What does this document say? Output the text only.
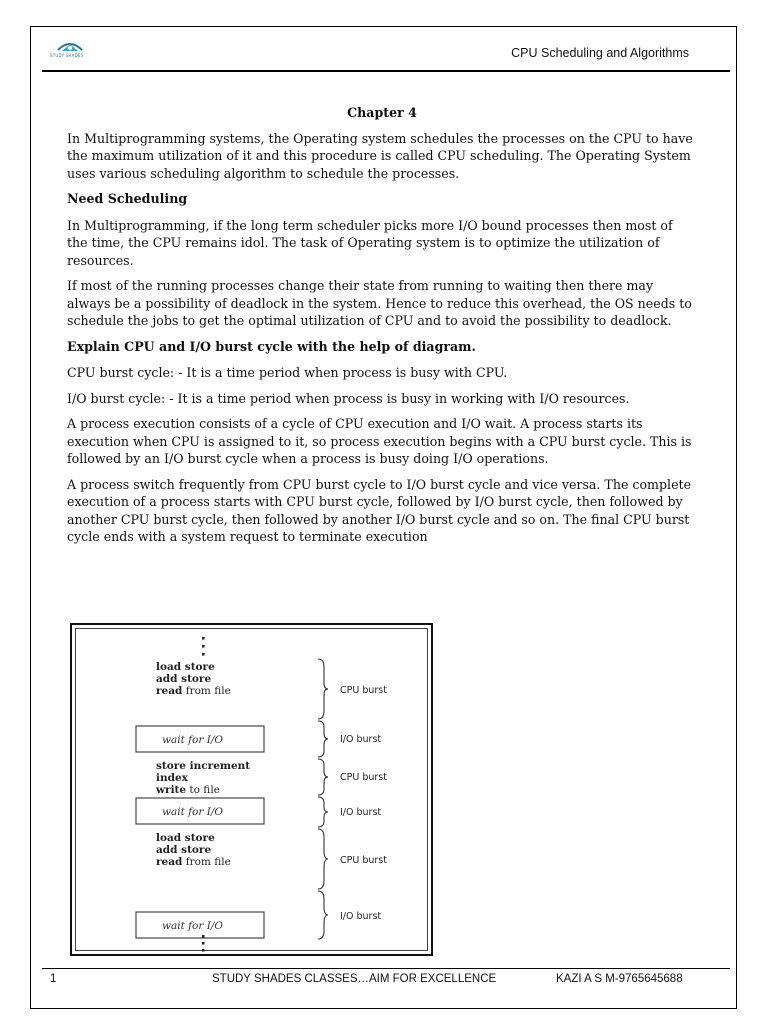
STUDY SHADES	CPU Scheduling and Algorithms
Chapter 4

In Multiprogramming systems, the Operating system schedules the processes on the CPU to have the maximum utilization of it and this procedure is called CPU scheduling. The Operating System uses various scheduling algorithm to schedule the processes.

Need Scheduling

In Multiprogramming, if the long term scheduler picks more I/O bound processes then most of the time, the CPU remains idol. The task of Operating system is to optimize the utilization of resources.

If most of the running processes change their state from running to waiting then there may always be a possibility of deadlock in the system. Hence to reduce this overhead, the OS needs to schedule the jobs to get the optimal utilization of CPU and to avoid the possibility to deadlock.

Explain CPU and I/O burst cycle with the help of diagram.

CPU burst cycle: - It is a time period when process is busy with CPU.

I/O burst cycle: - It is a time period when process is busy in working with I/O resources.

A process execution consists of a cycle of CPU execution and I/O wait. A process starts its execution when CPU is assigned to it, so process execution begins with a CPU burst cycle. This is followed by an I/O burst cycle when a process is busy doing I/O operations.

A process switch frequently from CPU burst cycle to I/O burst cycle and vice versa. The complete execution of a process starts with CPU burst cycle, followed by I/O burst cycle, then followed by another CPU burst cycle, then followed by another I/O burst cycle and so on. The final CPU burst cycle ends with a system request to terminate execution

load store
add store
read from file
wait for I/O
store increment
index
write to file
wait for I/O
load store
add store
read from file
wait for I/O
CPU burst
I/O burst
CPU burst
I/O burst
CPU burst
I/O burst
1	STUDY SHADES CLASSES…AIM FOR EXCELLENCE	KAZI A S M-9765645688
